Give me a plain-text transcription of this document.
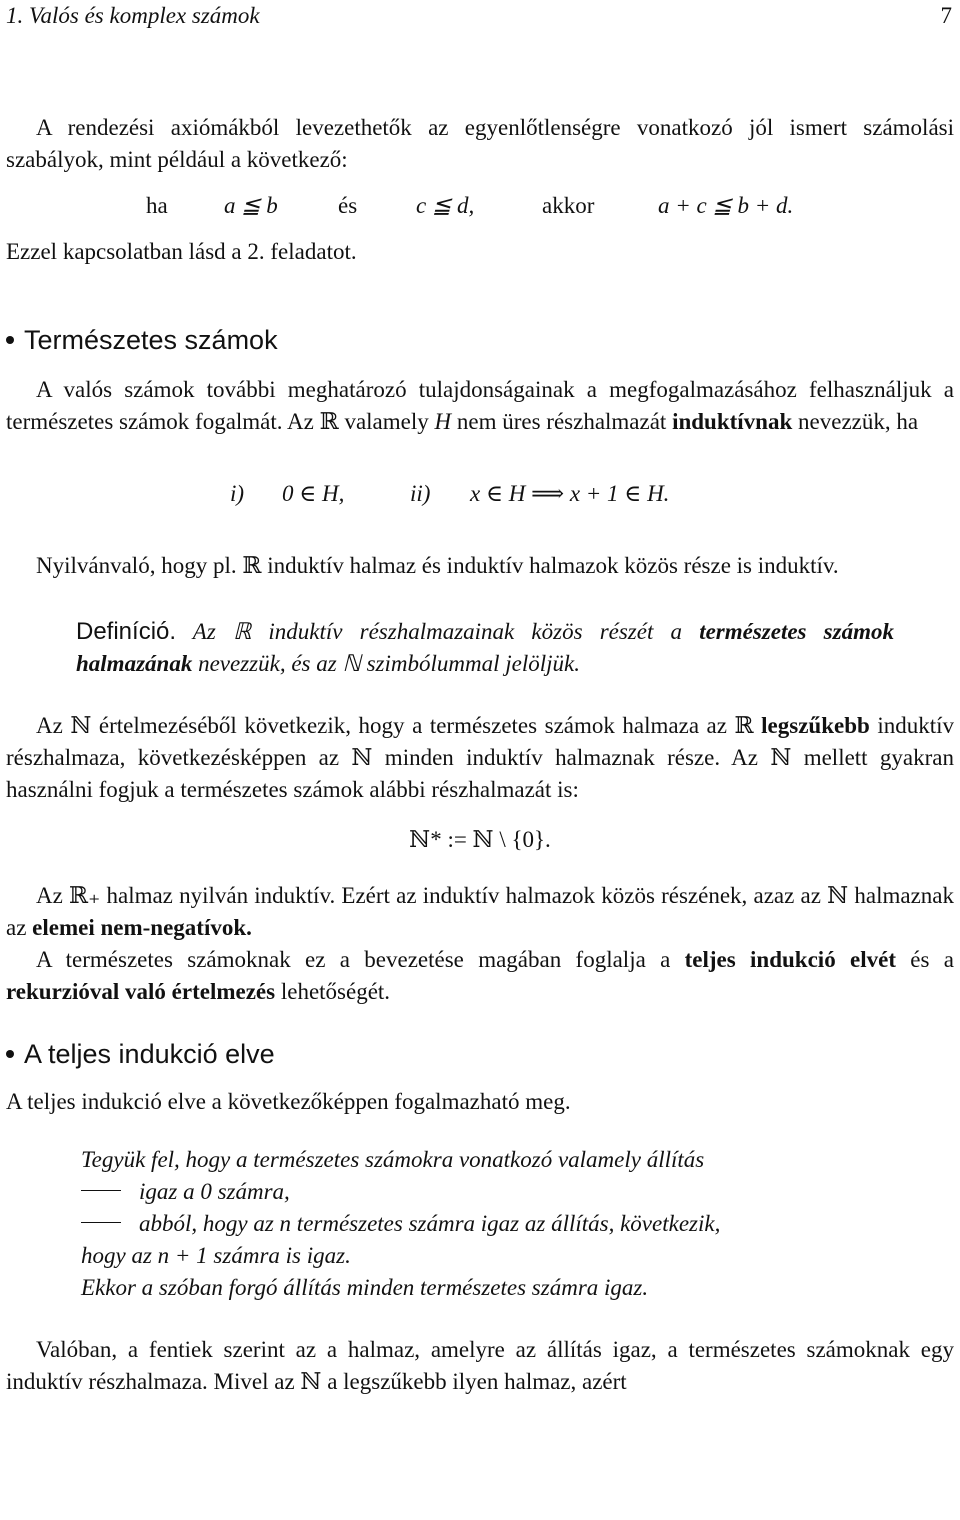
1. Valós és komplex számok	7

A rendezési axiómákból levezethetők az egyenlőtlenségre vonatkozó jól ismert számolási szabályok, mint például a következő:

ha a ≦ b	és	c ≦ d,	akkor	a + c ≦ b + d.

Ezzel kapcsolatban lásd a 2. feladatot.

Természetes számok

A valós számok további meghatározó tulajdonságainak a megfogalmazásához felhasználjuk a természetes számok fogalmát. Az ℝ valamely H nem üres részhalmazát induktívnak nevezzük, ha

i) 0 ∈ H,	ii) x ∈ H ⟹ x + 1 ∈ H.

Nyilvánvaló, hogy pl. ℝ induktív halmaz és induktív halmazok közös része is induktív.

Definíció. Az ℝ induktív részhalmazainak közös részét a természetes számok halmazának nevezzük, és az ℕ szimbólummal jelöljük.

Az ℕ értelmezéséből következik, hogy a természetes számok halmaza az ℝ legszűkebb induktív részhalmaza, következésképpen az ℕ minden induktív halmaznak része. Az ℕ mellett gyakran használni fogjuk a természetes számok alábbi részhalmazát is:

ℕ* := ℕ \ {0}.

Az ℝ₊ halmaz nyilván induktív. Ezért az induktív halmazok közös részének, azaz az ℕ halmaznak az elemei nem-negatívok.

A természetes számoknak ez a bevezetése magában foglalja a teljes indukció elvét és a rekurzióval való értelmezés lehetőségét.

A teljes indukció elve

A teljes indukció elve a következőképpen fogalmazható meg.

Tegyük fel, hogy a természetes számokra vonatkozó valamely állítás
igaz a 0 számra,
abból, hogy az n természetes számra igaz az állítás, következik,
hogy az n + 1 számra is igaz.
Ekkor a szóban forgó állítás minden természetes számra igaz.

Valóban, a fentiek szerint az a halmaz, amelyre az állítás igaz, a természetes számoknak egy induktív részhalmaza. Mivel az ℕ a legszűkebb ilyen halmaz, azért
